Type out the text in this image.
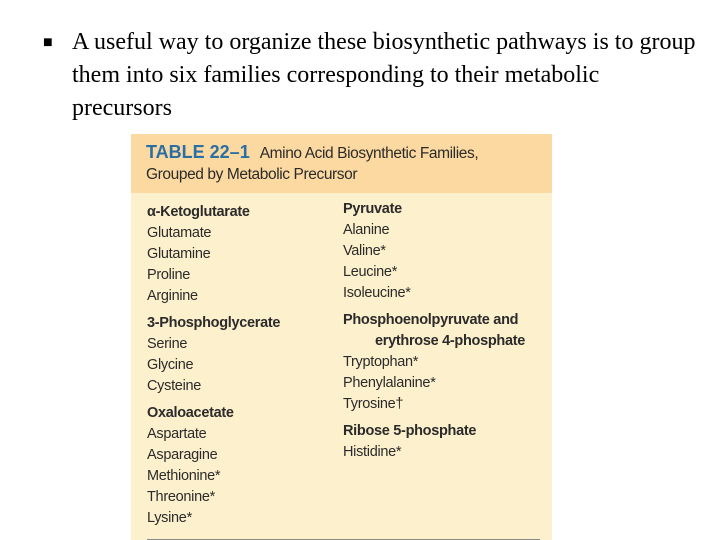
■ A useful way to organize these biosynthetic pathways is to group them into six families corresponding to their metabolic precursors
TABLE 22–1 Amino Acid Biosynthetic Families,
Grouped by Metabolic Precursor
α-Ketoglutarate
Glutamate
Glutamine
Proline
Arginine
3-Phosphoglycerate
Serine
Glycine
Cysteine
Oxaloacetate
Aspartate
Asparagine
Methionine*
Threonine*
Lysine*
Pyruvate
Alanine
Valine*
Leucine*
Isoleucine*
Phosphoenolpyruvate and
erythrose 4-phosphate
Tryptophan*
Phenylalanine*
Tyrosine†
Ribose 5-phosphate
Histidine*
